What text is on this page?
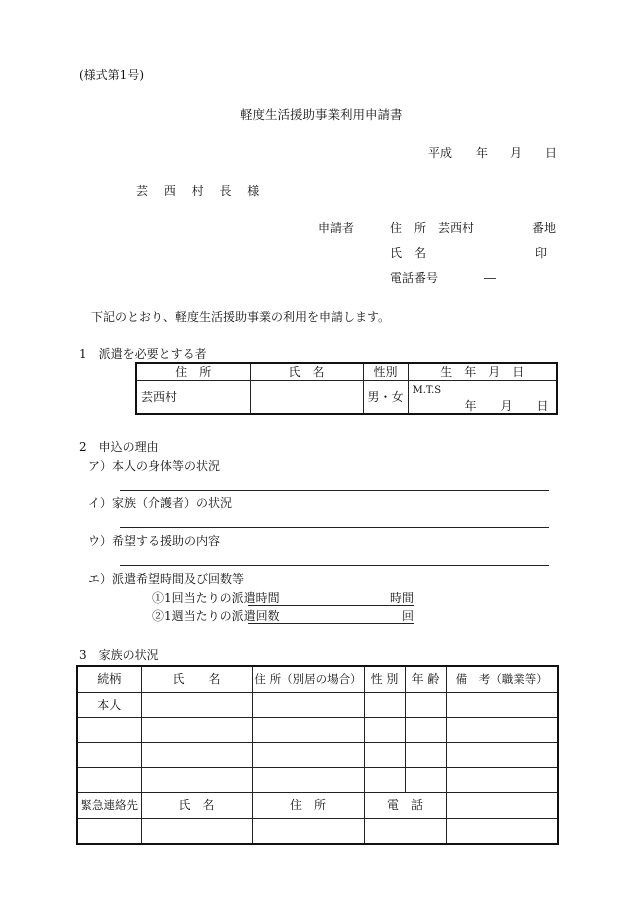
(様式第1号)
軽度生活援助事業利用申請書
平成 年 月 日
芸 西 村 長 様
申請者	住　所 芸西村	番地
氏　名	印
電話番号	―
下記のとおり、軽度生活援助事業の利用を申請します。
1　派遣を必要とする者
住　所	氏　名	性別	生　年　月　日
芸西村		男・女	M.T.S
年　　月　　日
2　申込の理由
ア）本人の身体等の状況
イ）家族（介護者）の状況
ウ）希望する援助の内容
エ）派遣希望時間及び回数等
①1回当たりの派遣時間	時間
②1週当たりの派遣回数	回
3　家族の状況
続柄	氏　　名	住 所（別居の場合）	性 別	年 齢	備　考（職業等）
本人					

緊急連絡先	氏　名	住　所	電　話		
